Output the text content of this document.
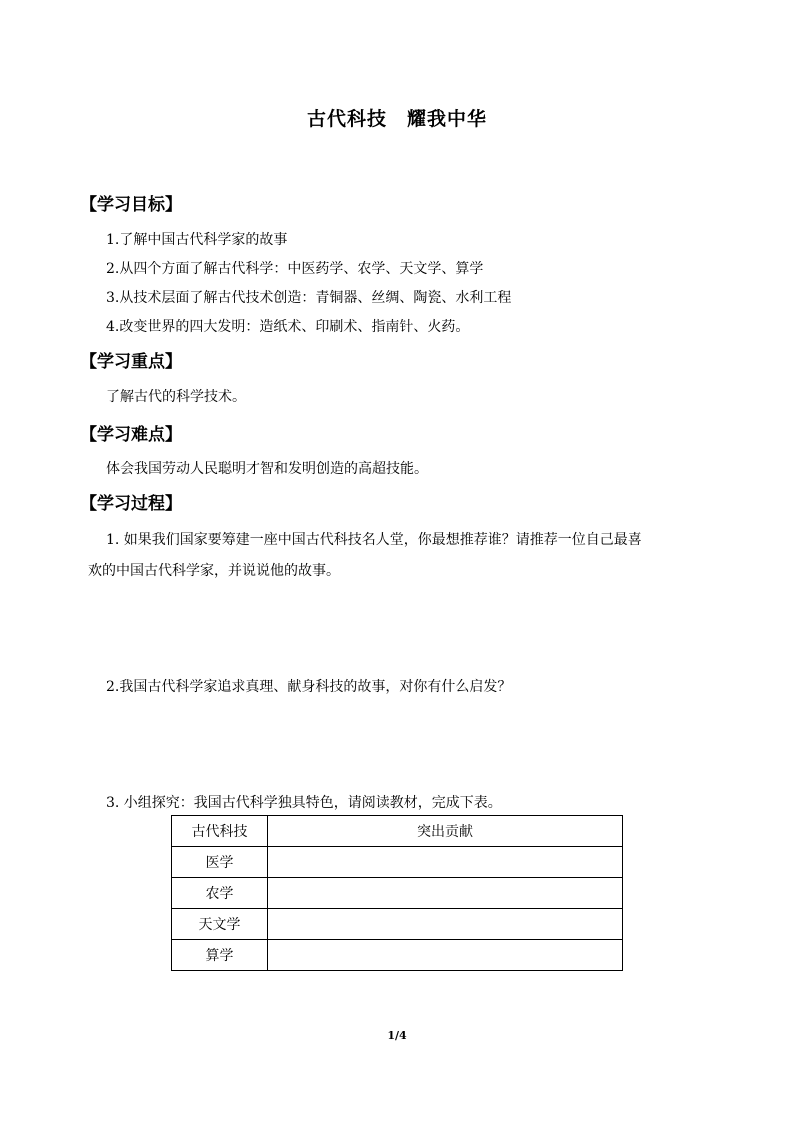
古代科技　耀我中华
【学习目标】
1.了解中国古代科学家的故事
2.从四个方面了解古代科学：中医药学、农学、天文学、算学
3.从技术层面了解古代技术创造：青铜器、丝绸、陶瓷、水利工程
4.改变世界的四大发明：造纸术、印刷术、指南针、火药。
【学习重点】
了解古代的科学技术。
【学习难点】
体会我国劳动人民聪明才智和发明创造的高超技能。
【学习过程】
1. 如果我们国家要筹建一座中国古代科技名人堂，你最想推荐谁？请推荐一位自己最喜
欢的中国古代科学家，并说说他的故事。
2.我国古代科学家追求真理、献身科技的故事，对你有什么启发？
3. 小组探究：我国古代科学独具特色，请阅读教材，完成下表。
古代科技	突出贡献
医学	
农学	
天文学	
算学	
1/4
